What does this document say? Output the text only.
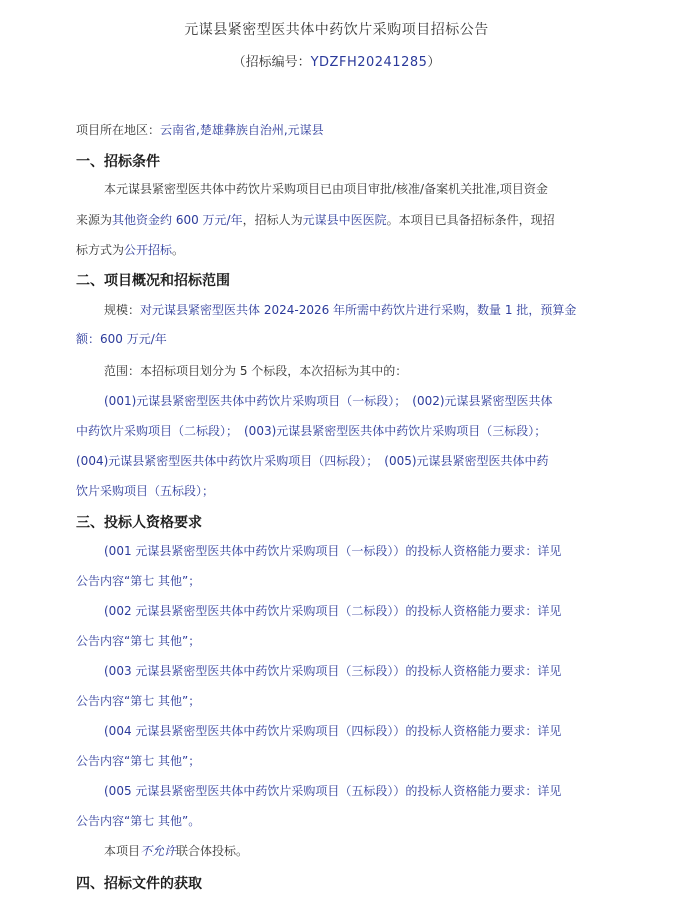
元谋县紧密型医共体中药饮片采购项目招标公告
（招标编号：YDZFH20241285）
项目所在地区：云南省,楚雄彝族自治州,元谋县
一、招标条件
本元谋县紧密型医共体中药饮片采购项目已由项目审批/核准/备案机关批准,项目资金
来源为其他资金约 600 万元/年，招标人为元谋县中医医院。本项目已具备招标条件，现招
标方式为公开招标。
二、项目概况和招标范围
规模：对元谋县紧密型医共体 2024-2026 年所需中药饮片进行采购，数量 1 批，预算金
额：600 万元/年
范围：本招标项目划分为 5 个标段，本次招标为其中的：
(001)元谋县紧密型医共体中药饮片采购项目（一标段）；　(002)元谋县紧密型医共体
中药饮片采购项目（二标段）；　(003)元谋县紧密型医共体中药饮片采购项目（三标段）；
(004)元谋县紧密型医共体中药饮片采购项目（四标段）；　(005)元谋县紧密型医共体中药
饮片采购项目（五标段）；
三、投标人资格要求
(001 元谋县紧密型医共体中药饮片采购项目（一标段））的投标人资格能力要求：详见
公告内容“第七 其他”；
(002 元谋县紧密型医共体中药饮片采购项目（二标段））的投标人资格能力要求：详见
公告内容“第七 其他”；
(003 元谋县紧密型医共体中药饮片采购项目（三标段））的投标人资格能力要求：详见
公告内容“第七 其他”；
(004 元谋县紧密型医共体中药饮片采购项目（四标段））的投标人资格能力要求：详见
公告内容“第七 其他”；
(005 元谋县紧密型医共体中药饮片采购项目（五标段））的投标人资格能力要求：详见
公告内容“第七 其他”。
本项目不允许联合体投标。
四、招标文件的获取
